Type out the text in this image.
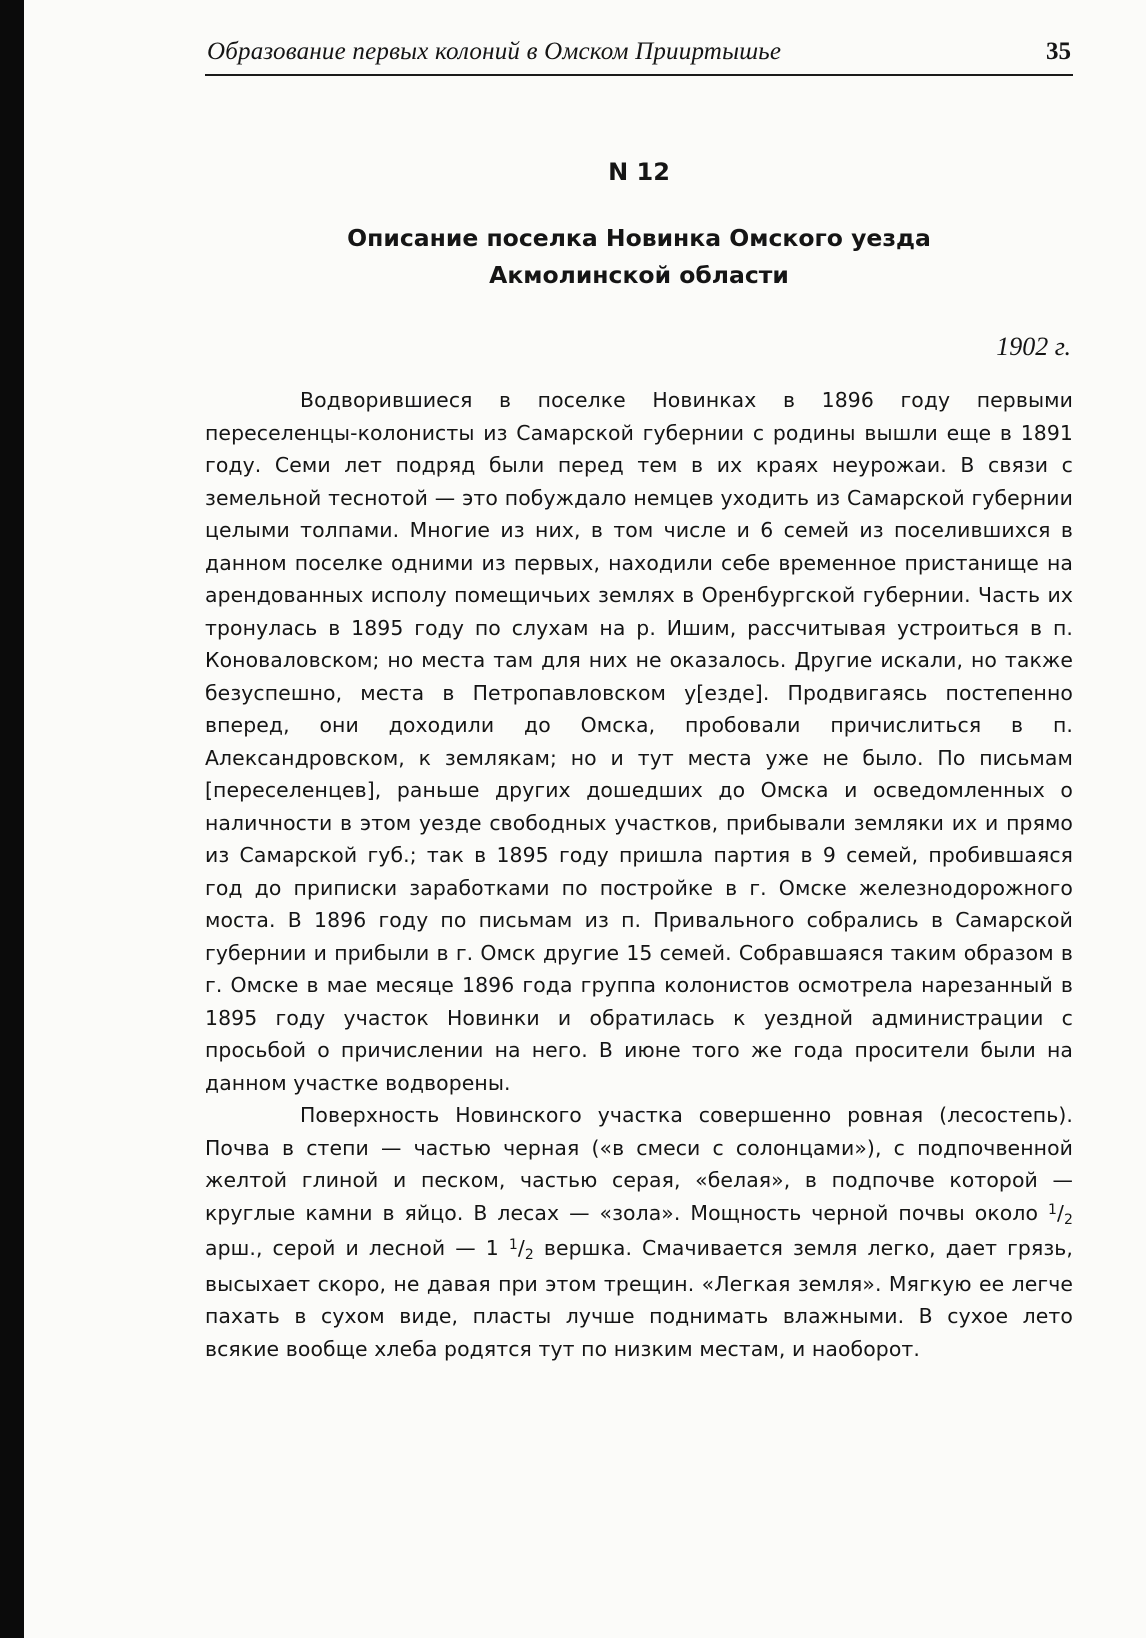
Образование первых колоний в Омском Прииртышье	35
N 12
Описание поселка Новинка Омского уезда
Акмолинской области
1902 г.

Водворившиеся в поселке Новинках в 1896 году первыми переселенцы-колонисты из Самарской губернии с родины вышли еще в 1891 году. Семи лет подряд были перед тем в их краях неурожаи. В связи с земельной теснотой — это побуждало немцев уходить из Самарской губернии целыми толпами. Многие из них, в том числе и 6 семей из поселившихся в данном поселке одними из первых, находили себе временное пристанище на арендованных исполу помещичьих землях в Оренбургской губернии. Часть их тронулась в 1895 году по слухам на р. Ишим, рассчитывая устроиться в п. Коноваловском; но места там для них не оказалось. Другие искали, но также безуспешно, места в Петропавловском у[езде]. Продвигаясь постепенно вперед, они доходили до Омска, пробовали причислиться в п. Александровском, к землякам; но и тут места уже не было. По письмам [переселенцев], раньше других дошедших до Омска и осведомленных о наличности в этом уезде свободных участков, прибывали земляки их и прямо из Самарской губ.; так в 1895 году пришла партия в 9 семей, пробившаяся год до приписки заработками по постройке в г. Омске железнодорожного моста. В 1896 году по письмам из п. Привального собрались в Самарской губернии и прибыли в г. Омск другие 15 семей. Собравшаяся таким образом в г. Омске в мае месяце 1896 года группа колонистов осмотрела нарезанный в 1895 году участок Новинки и обратилась к уездной администрации с просьбой о причислении на него. В июне того же года просители были на данном участке водворены.

Поверхность Новинского участка совершенно ровная (лесостепь). Почва в степи — частью черная («в смеси с солонцами»), с подпочвенной желтой глиной и песком, частью серая, «белая», в подпочве которой — круглые камни в яйцо. В лесах — «зола». Мощность черной почвы около $^1$/2 арш., серой и лесной — 1 $^1$/2 вершка. Смачивается земля легко, дает грязь, высыхает скоро, не давая при этом трещин. «Легкая земля». Мягкую ее легче пахать в сухом виде, пласты лучше поднимать влажными. В сухое лето всякие вообще хлеба родятся тут по низким местам, и наоборот.
